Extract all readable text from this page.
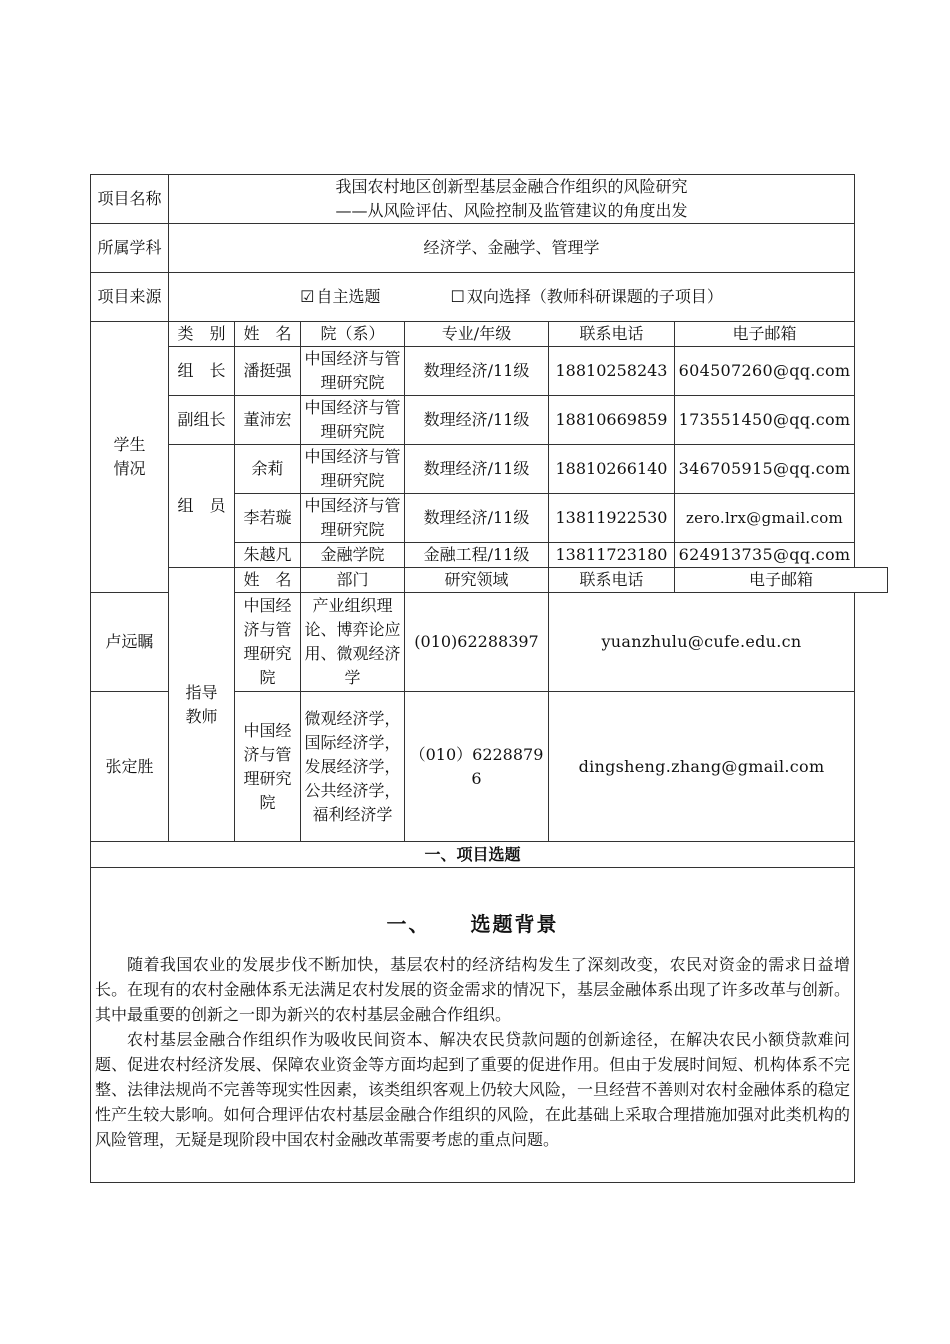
项目名称	我国农村地区创新型基层金融合作组织的风险研究
——从风险评估、风险控制及监管建议的角度出发					

所属学科	经济学、金融学、管理学					
项目来源	☑ 自主选题 ☐ 双向选择（教师科研课题的子项目）					

学生情况	类　别	姓　名	院（系）	专业/年级	联系电话	电子邮箱
	组　长	潘挺强	中国经济与管理研究院	数理经济/11级	18810258243	604507260@qq.com
	副组长	董沛宏	中国经济与管理研究院	数理经济/11级	18810669859	173551450@qq.com
	组　员	余莉	中国经济与管理研究院	数理经济/11级	18810266140	346705915@qq.com
		李若璇	中国经济与管理研究院	数理经济/11级	13811922530	zero.lrx@gmail.com
		朱越凡	金融学院	金融工程/11级	13811723180	624913735@qq.com

	指导教师	姓　名	部门	研究领域	联系电话	电子邮箱
卢远瞩		中国经济与管理研究院	产业组织理论、博弈论应用、微观经济学	(010)62288397	yuanzhulu@cufe.edu.cn	
张定胜		中国经济与管理研究院	微观经济学，国际经济学，发展经济学，公共经济学，福利经济学	（010）62288796	dingsheng.zhang@gmail.com	
一、项目选题						

一、 选题背景

随着我国农业的发展步伐不断加快，基层农村的经济结构发生了深刻改变，农民对资金的需求日益增长。在现有的农村金融体系无法满足农村发展的资金需求的情况下，基层金融体系出现了许多改革与创新。其中最重要的创新之一即为新兴的农村基层金融合作组织。

农村基层金融合作组织作为吸收民间资本、解决农民贷款问题的创新途径，在解决农民小额贷款难问题、促进农村经济发展、保障农业资金等方面均起到了重要的促进作用。但由于发展时间短、机构体系不完整、法律法规尚不完善等现实性因素，该类组织客观上仍较大风险，一旦经营不善则对农村金融体系的稳定性产生较大影响。如何合理评估农村基层金融合作组织的风险，在此基础上采取合理措施加强对此类机构的风险管理，无疑是现阶段中国农村金融改革需要考虑的重点问题。						
